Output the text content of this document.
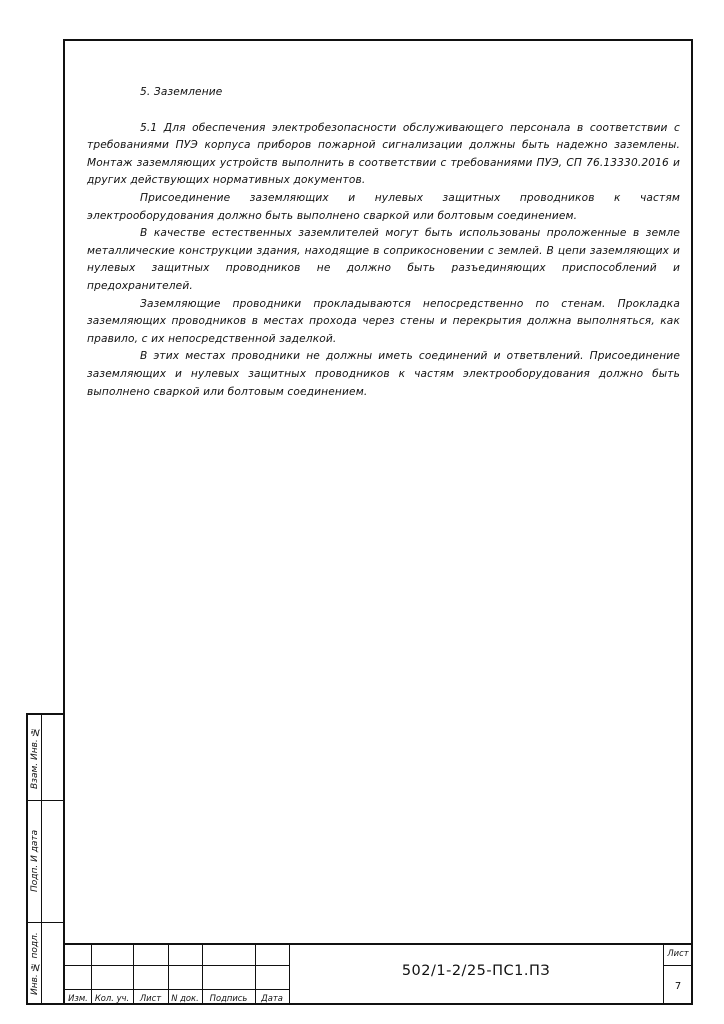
5. Заземление

5.1 Для обеспечения электробезопасности обслуживающего персонала в соответствии с требованиями ПУЭ корпуса приборов пожарной сигнализации должны быть надежно заземлены. Монтаж заземляющих устройств выполнить в соответствии с требованиями ПУЭ, СП 76.13330.2016 и других действующих нормативных документов.

Присоединение заземляющих и нулевых защитных проводников к частям электрооборудования должно быть выполнено сваркой или болтовым соединением.

В качестве естественных заземлителей могут быть использованы проложенные в земле металлические конструкции здания, находящие в соприкосновении с землей. В цепи заземляющих и нулевых защитных проводников не должно быть разъединяющих приспособлений и предохранителей.

Заземляющие проводники прокладываются непосредственно по стенам. Прокладка заземляющих проводников в местах прохода через стены и перекрытия должна выполняться, как правило, с их непосредственной заделкой.

В этих местах проводники не должны иметь соединений и ответвлений. Присоединение заземляющих и нулевых защитных проводников к частям электрооборудования должно быть выполнено сваркой или болтовым соединением.

Взам. Инв. №
Подп. И дата
Инв. № подл.
Изм. Кол. уч.	Лист	N док.	Подпись	Дата
502/1-2/25-ПС1.ПЗ
Лист
7
